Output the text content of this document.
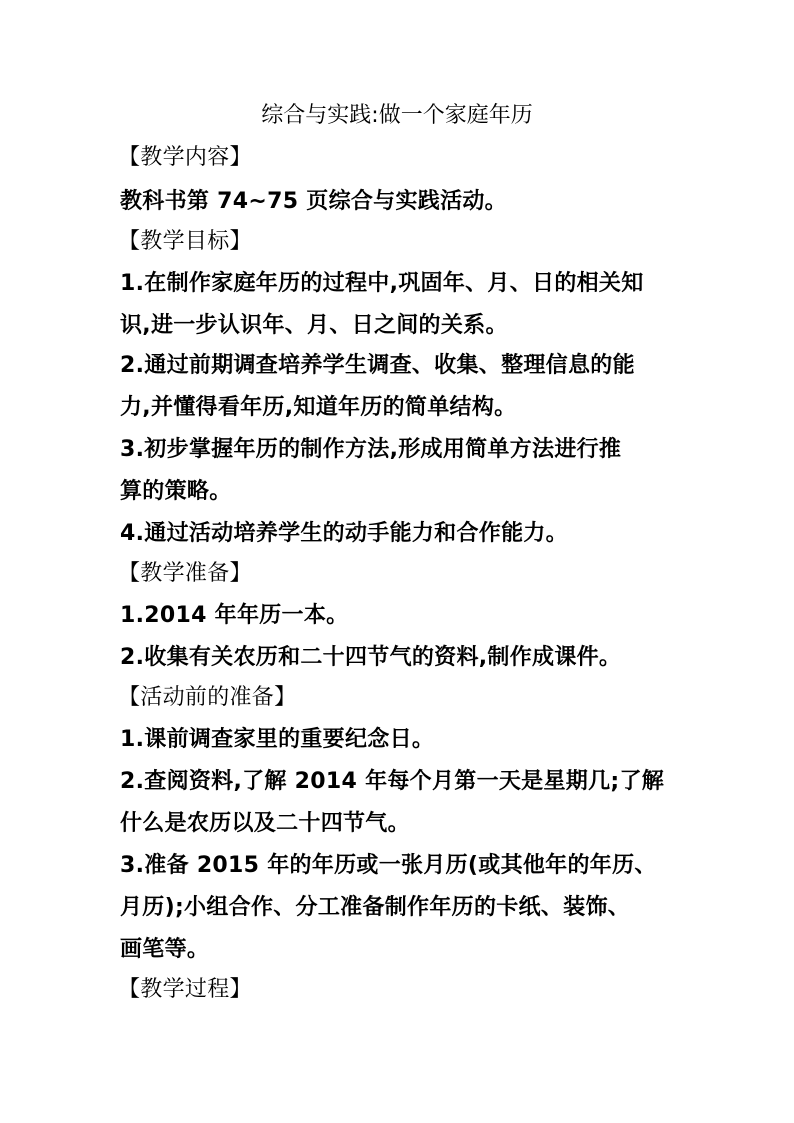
综合与实践:做一个家庭年历
【教学内容】
教科书第 74~75 页综合与实践活动。
【教学目标】
1.在制作家庭年历的过程中,巩固年、月、日的相关知
识,进一步认识年、月、日之间的关系。
2.通过前期调查培养学生调查、收集、整理信息的能
力,并懂得看年历,知道年历的简单结构。
3.初步掌握年历的制作方法,形成用简单方法进行推
算的策略。
4.通过活动培养学生的动手能力和合作能力。
【教学准备】
1.2014 年年历一本。
2.收集有关农历和二十四节气的资料,制作成课件。
【活动前的准备】
1.课前调查家里的重要纪念日。
2.查阅资料,了解 2014 年每个月第一天是星期几;了解
什么是农历以及二十四节气。
3.准备 2015 年的年历或一张月历(或其他年的年历、
月历);小组合作、分工准备制作年历的卡纸、装饰、
画笔等。
【教学过程】
